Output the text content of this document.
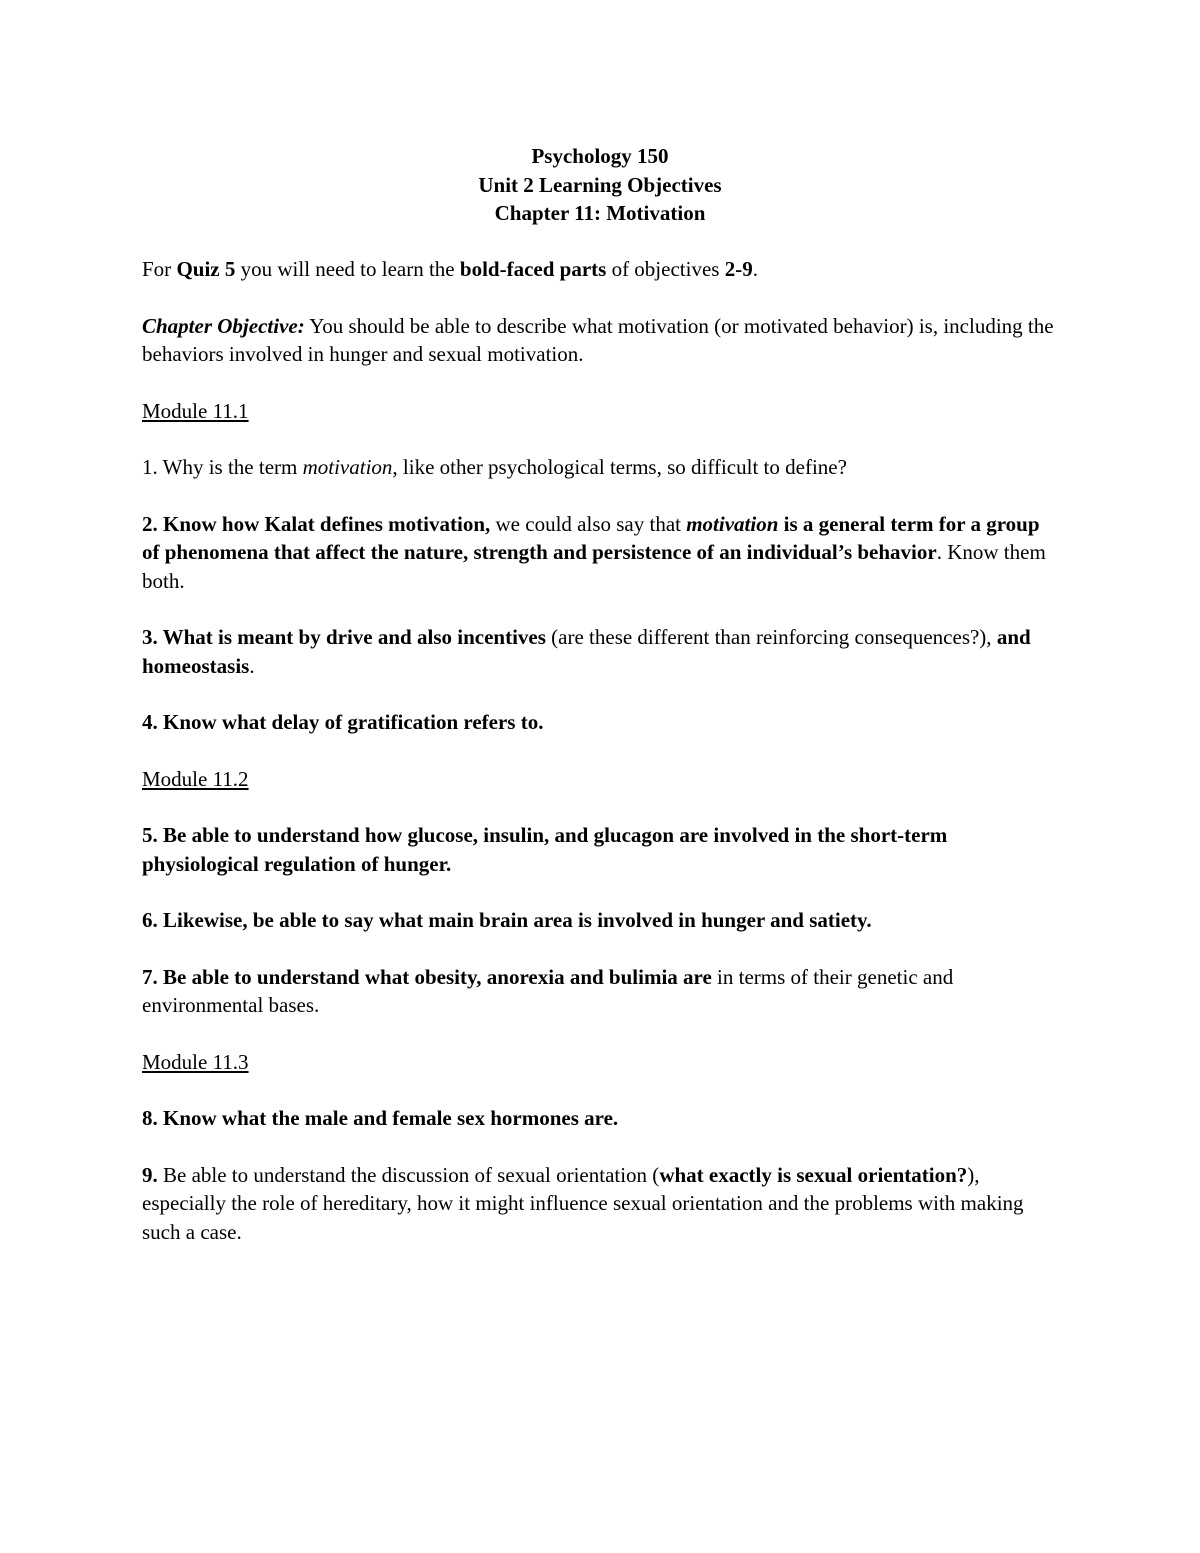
Psychology 150
Unit 2 Learning Objectives
Chapter 11: Motivation

For Quiz 5 you will need to learn the bold-faced parts of objectives 2-9.

Chapter Objective: You should be able to describe what motivation (or motivated behavior) is, including the behaviors involved in hunger and sexual motivation.

Module 11.1

1. Why is the term motivation, like other psychological terms, so difficult to define?

2. Know how Kalat defines motivation, we could also say that motivation is a general term for a group of phenomena that affect the nature, strength and persistence of an individual’s behavior. Know them both.

3. What is meant by drive and also incentives (are these different than reinforcing consequences?), and homeostasis.

4. Know what delay of gratification refers to.

Module 11.2

5. Be able to understand how glucose, insulin, and glucagon are involved in the short-term physiological regulation of hunger.

6. Likewise, be able to say what main brain area is involved in hunger and satiety.

7. Be able to understand what obesity, anorexia and bulimia are in terms of their genetic and environmental bases.

Module 11.3

8. Know what the male and female sex hormones are.

9. Be able to understand the discussion of sexual orientation (what exactly is sexual orientation?), especially the role of hereditary, how it might influence sexual orientation and the problems with making such a case.
